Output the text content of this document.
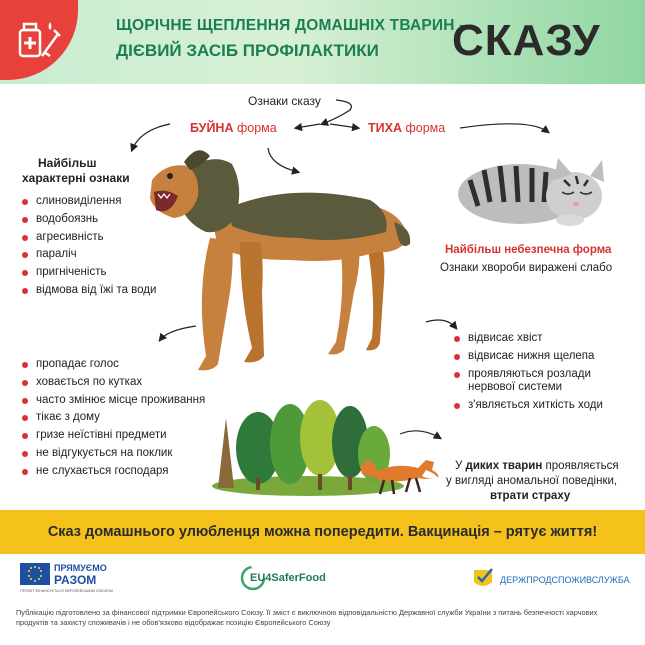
ЩОРІЧНЕ ЩЕПЛЕННЯ ДОМАШНІХ ТВАРИН –
ДІЄВИЙ ЗАСІБ ПРОФІЛАКТИКИ СКАЗУ
Ознаки сказу
БУЙНА форма	ТИХА форма
Найбільш
характерні ознаки
слиновиділення
водобоязнь
агресивність
параліч
пригніченість
відмова від їжі та води
Найбільш небезпечна форма
Ознаки хвороби виражені слабо
відвисає хвіст
відвисає нижня щелепа
проявляються розлади
нервової системи
з'являється хиткість ходи
пропадає голос
ховається по кутках
часто змінює місце проживання
тікає з дому
гризе неїстівні предмети
не відгукується на поклик
не слухається господаря	У диких тварин проявляється
у вигляді аномальної поведінки,
втрати страху
Сказ домашнього улюбленця можна попередити. Вакцинація – рятує життя!
ПРЯМУЄМО
РАЗОМ
ПРОЕКТ ФІНАНСУЄТЬСЯ ЄВРОПЕЙСЬКИМ СОЮЗОМ
EU4SaferFood	ДЕРЖПРОДСПОЖИВСЛУЖБА
Публікацію підготовлено за фінансової підтримки Європейського Союзу. Її зміст є виключною відповідальністю Державної служби України з питань безпечності харчових продуктів та захисту споживачів і не обов'язково відображає позицію Європейського Союзу
